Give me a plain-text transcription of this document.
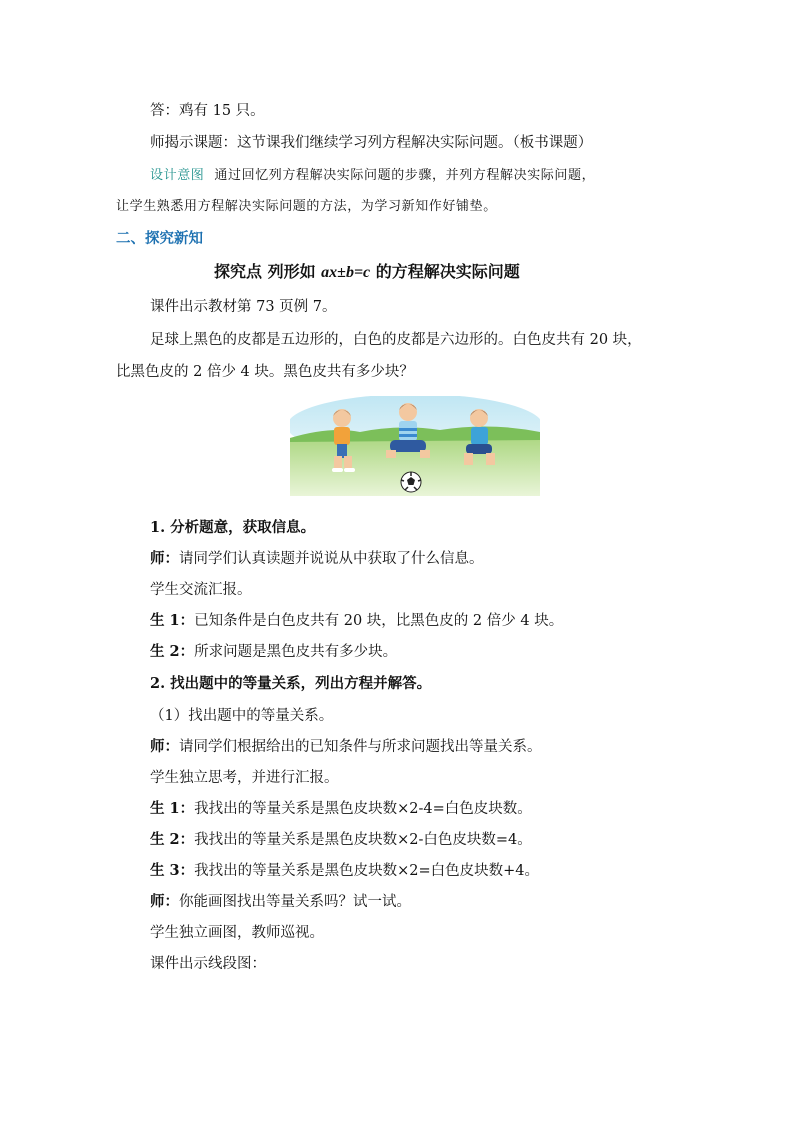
答：鸡有 15 只。
师揭示课题：这节课我们继续学习列方程解决实际问题。（板书课题）
设计意图 通过回忆列方程解决实际问题的步骤，并列方程解决实际问题，
让学生熟悉用方程解决实际问题的方法，为学习新知作好铺垫。
二、探究新知
探究点 列形如 ax±b=c 的方程解决实际问题
课件出示教材第 73 页例 7。
足球上黑色的皮都是五边形的，白色的皮都是六边形的。白色皮共有 20 块，
比黑色皮的 2 倍少 4 块。黑色皮共有多少块？
1. 分析题意，获取信息。
师：请同学们认真读题并说说从中获取了什么信息。
学生交流汇报。
生 1：已知条件是白色皮共有 20 块，比黑色皮的 2 倍少 4 块。
生 2：所求问题是黑色皮共有多少块。
2. 找出题中的等量关系，列出方程并解答。
（1）找出题中的等量关系。
师：请同学们根据给出的已知条件与所求问题找出等量关系。
学生独立思考，并进行汇报。
生 1：我找出的等量关系是黑色皮块数×2-4=白色皮块数。
生 2：我找出的等量关系是黑色皮块数×2-白色皮块数=4。
生 3：我找出的等量关系是黑色皮块数×2=白色皮块数+4。
师：你能画图找出等量关系吗？试一试。
学生独立画图，教师巡视。
课件出示线段图：
